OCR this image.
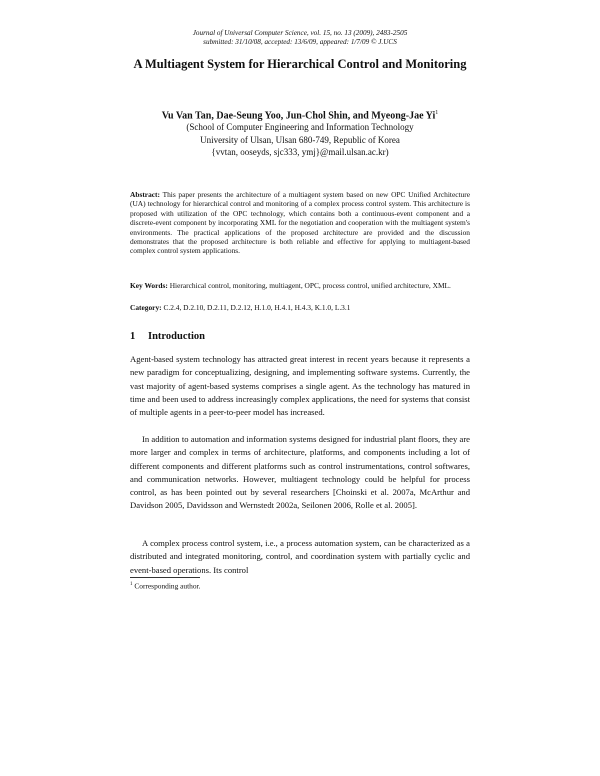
Journal of Universal Computer Science, vol. 15, no. 13 (2009), 2483-2505
submitted: 31/10/08, accepted: 13/6/09, appeared: 1/7/09 © J.UCS
A Multiagent System for Hierarchical Control and Monitoring
Vu Van Tan, Dae-Seung Yoo, Jun-Chol Shin, and Myeong-Jae Yi$^1$
(School of Computer Engineering and Information Technology
University of Ulsan, Ulsan 680-749, Republic of Korea
{vvtan, ooseyds, sjc333, ymj}@mail.ulsan.ac.kr)
Abstract: This paper presents the architecture of a multiagent system based on new OPC Unified Architecture (UA) technology for hierarchical control and monitoring of a complex process control system. This architecture is proposed with utilization of the OPC technology, which contains both a continuous-event component and a discrete-event component by incorporating XML for the negotiation and cooperation with the multiagent system's environments. The practical applications of the proposed architecture are provided and the discussion demonstrates that the proposed architecture is both reliable and effective for applying to multiagent-based complex control system applications.
Key Words: Hierarchical control, monitoring, multiagent, OPC, process control, unified architecture, XML.
Category: C.2.4, D.2.10, D.2.11, D.2.12, H.1.0, H.4.1, H.4.3, K.1.0, L.3.1
1 Introduction
Agent-based system technology has attracted great interest in recent years because it represents a new paradigm for conceptualizing, designing, and implementing software systems. Currently, the vast majority of agent-based systems comprises a single agent. As the technology has matured in time and been used to address increasingly complex applications, the need for systems that consist of multiple agents in a peer-to-peer model has increased.
In addition to automation and information systems designed for industrial plant floors, they are more larger and complex in terms of architecture, platforms, and components including a lot of different components and different platforms such as control instrumentations, control softwares, and communication networks. However, multiagent technology could be helpful for process control, as has been pointed out by several researchers [Choinski et al. 2007a, McArthur and Davidson 2005, Davidsson and Wernstedt 2002a, Seilonen 2006, Rolle et al. 2005].
A complex process control system, i.e., a process automation system, can be characterized as a distributed and integrated monitoring, control, and coordination system with partially cyclic and event-based operations. Its control
$^1$ Corresponding author.
